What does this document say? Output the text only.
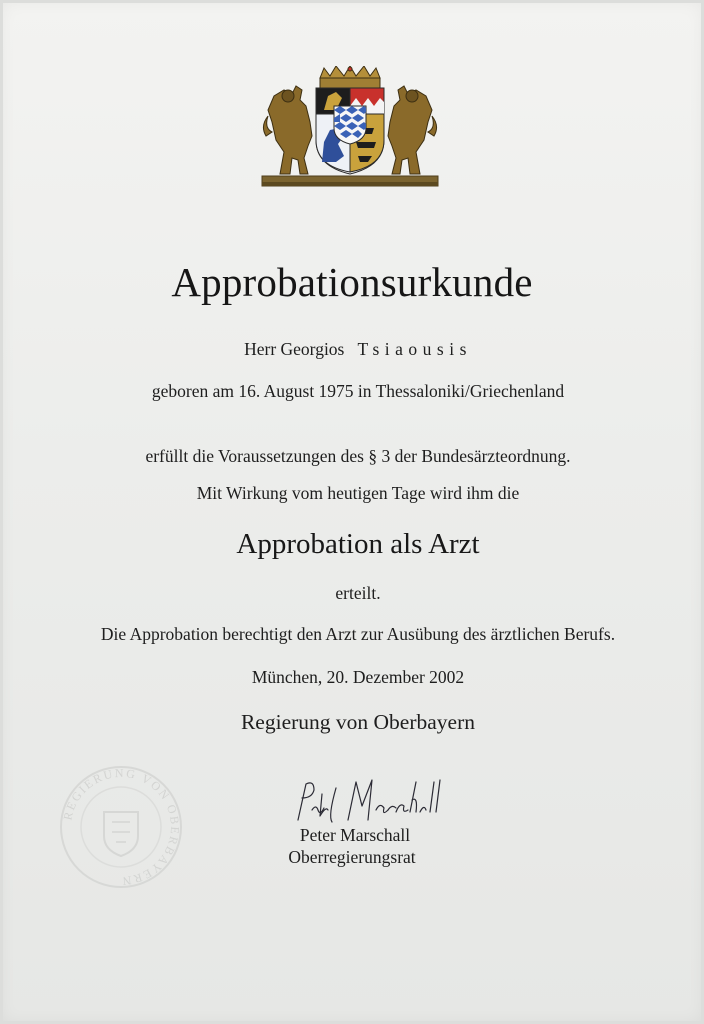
REGIERUNG VON OBERBAYERN
Approbationsurkunde
Herr Georgios Tsiaousis
geboren am 16. August 1975 in Thessaloniki/Griechenland
erfüllt die Voraussetzungen des § 3 der Bundesärzteordnung.
Mit Wirkung vom heutigen Tage wird ihm die
Approbation als Arzt
erteilt.
Die Approbation berechtigt den Arzt zur Ausübung des ärztlichen Berufs.
München, 20. Dezember 2002
Regierung von Oberbayern
Peter Marschall
Oberregierungsrat
